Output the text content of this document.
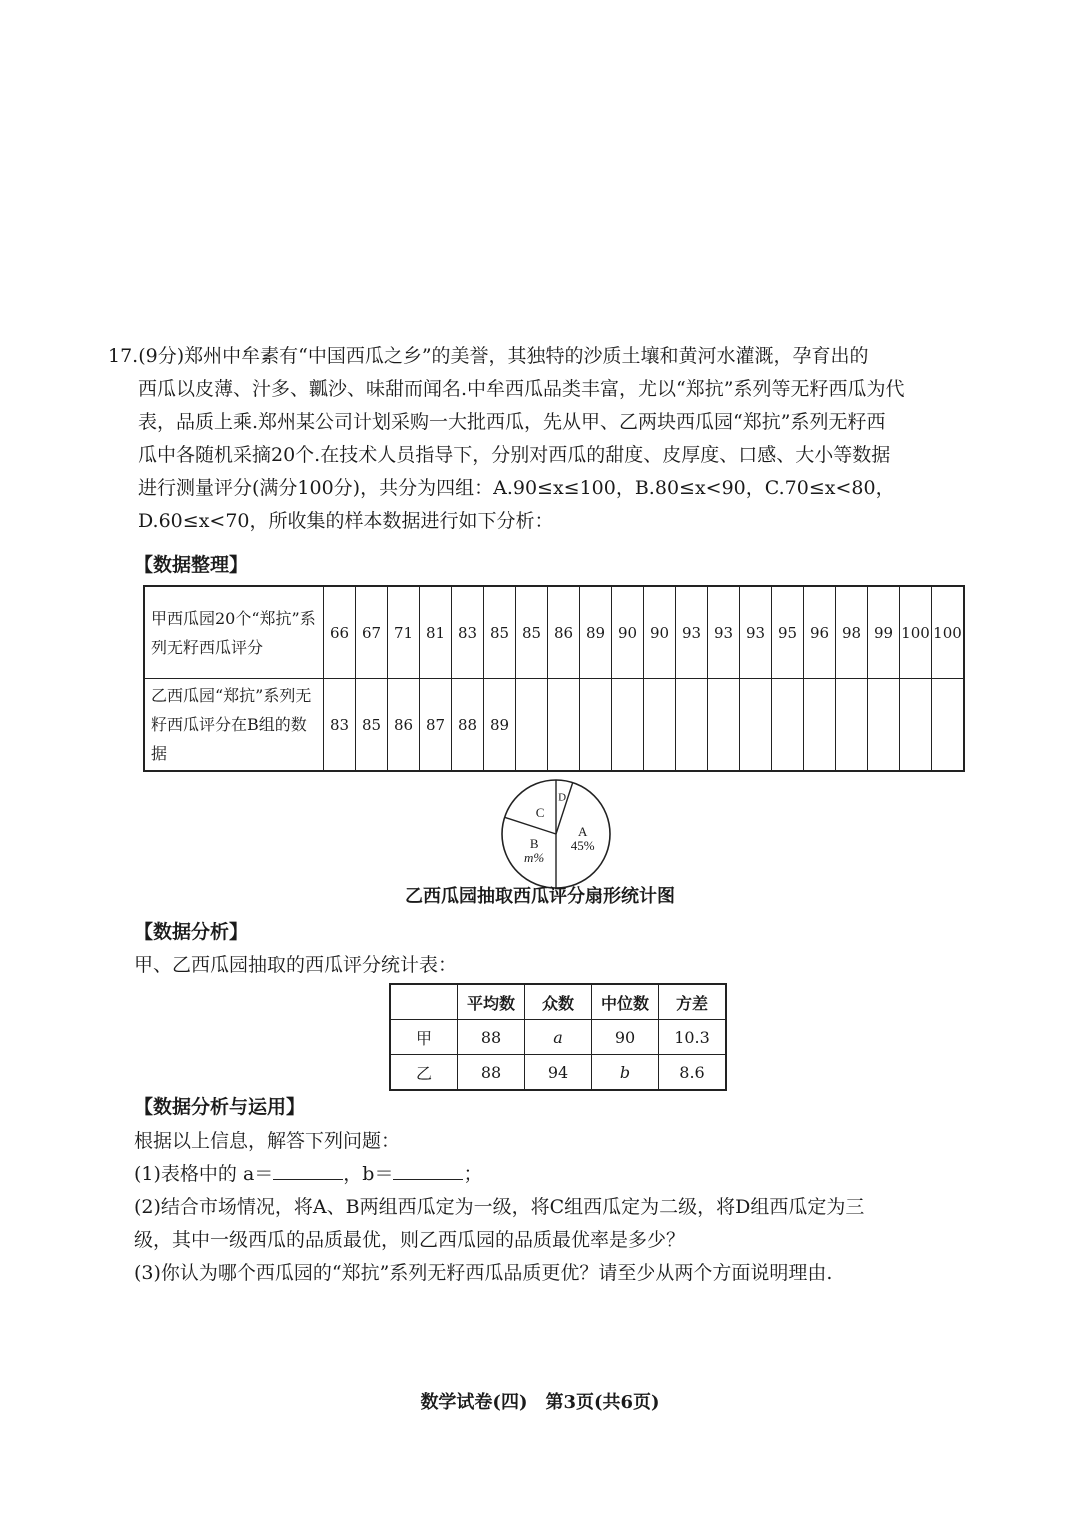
17.(9分)郑州中牟素有“中国西瓜之乡”的美誉，其独特的沙质土壤和黄河水灌溉，孕育出的
西瓜以皮薄、汁多、瓤沙、味甜而闻名.中牟西瓜品类丰富，尤以“郑抗”系列等无籽西瓜为代
表，品质上乘.郑州某公司计划采购一大批西瓜，先从甲、乙两块西瓜园“郑抗”系列无籽西
瓜中各随机采摘20个.在技术人员指导下，分别对西瓜的甜度、皮厚度、口感、大小等数据
进行测量评分(满分100分)，共分为四组：A.90≤x≤100，B.80≤x<90，C.70≤x<80，
D.60≤x<70，所收集的样本数据进行如下分析：
【数据整理】
甲西瓜园20个“郑抗”系列无籽西瓜评分	66	67	71	81	83	85	85	86	89	90	90	93	93	93	95	96	98	99	100	100
乙西瓜园“郑抗”系列无籽西瓜评分在B组的数据	83	85	86	87	88	89														
D
A
45%
B
m%
C
乙西瓜园抽取西瓜评分扇形统计图
【数据分析】
甲、乙西瓜园抽取的西瓜评分统计表：
	平均数	众数	中位数	方差
甲	88	a	90	10.3
乙	88	94	b	8.6
【数据分析与运用】
根据以上信息，解答下列问题：
(1)表格中的 a＝	，b＝	；
(2)结合市场情况，将A、B两组西瓜定为一级，将C组西瓜定为二级，将D组西瓜定为三
级，其中一级西瓜的品质最优，则乙西瓜园的品质最优率是多少？
(3)你认为哪个西瓜园的“郑抗”系列无籽西瓜品质更优？请至少从两个方面说明理由.
数学试卷(四)　第3页(共6页)
